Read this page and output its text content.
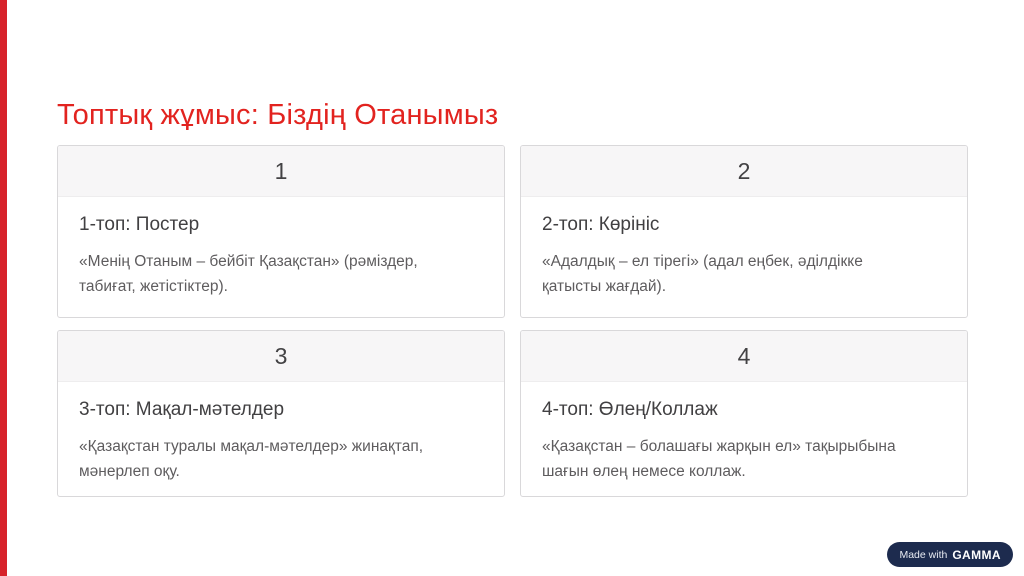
Топтық жұмыс: Біздің Отанымыз
1
1-топ: Постер

«Менің Отаным – бейбіт Қазақстан» (рәміздер, табиғат, жетістіктер).

2
2-топ: Көрініс

«Адалдық – ел тірегі» (адал еңбек, әділдікке қатысты жағдай).

3
3-топ: Мақал-мәтелдер

«Қазақстан туралы мақал-мәтелдер» жинақтап, мәнерлеп оқу.

4
4-топ: Өлең/Коллаж

«Қазақстан – болашағы жарқын ел» тақырыбына шағын өлең немесе коллаж.

Made with GAMMA
